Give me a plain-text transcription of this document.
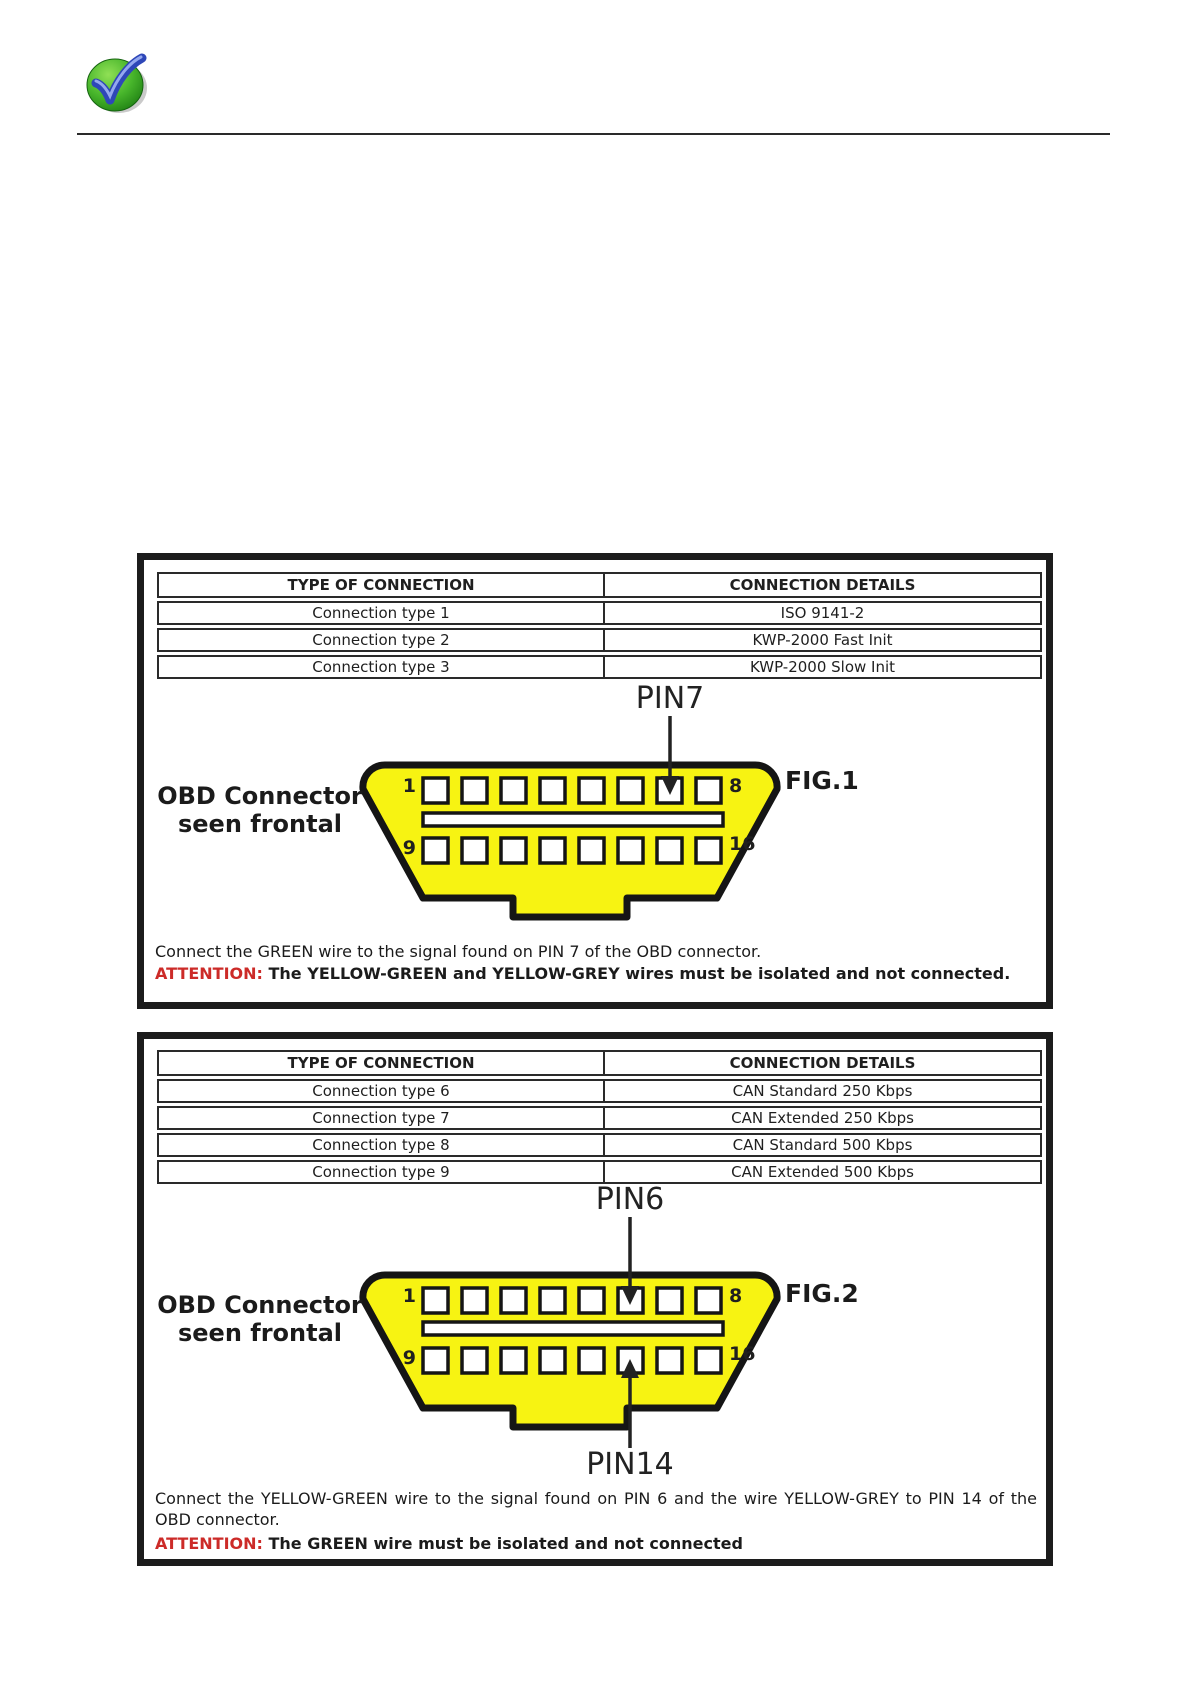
TYPE OF CONNECTION	CONNECTION DETAILS
Connection type 1	ISO 9141-2
Connection type 2	KWP-2000 Fast Init
Connection type 3	KWP-2000 Slow Init
1	8
9	16
PIN7
OBD Connector
seen frontal
FIG.1

Connect the GREEN wire to the signal found on PIN 7 of the OBD connector.

ATTENTION: The YELLOW-GREEN and YELLOW-GREY wires must be isolated and not connected.

TYPE OF CONNECTION	CONNECTION DETAILS
Connection type 6	CAN Standard 250 Kbps
Connection type 7	CAN Extended 250 Kbps
Connection type 8	CAN Standard 500 Kbps
Connection type 9	CAN Extended 500 Kbps
1	8
9	16
PIN6
PIN14
OBD Connector
seen frontal
FIG.2

Connect the YELLOW-GREEN wire to the signal found on PIN 6 and the wire YELLOW-GREY to PIN 14 of the OBD connector.

ATTENTION: The GREEN wire must be isolated and not connected
